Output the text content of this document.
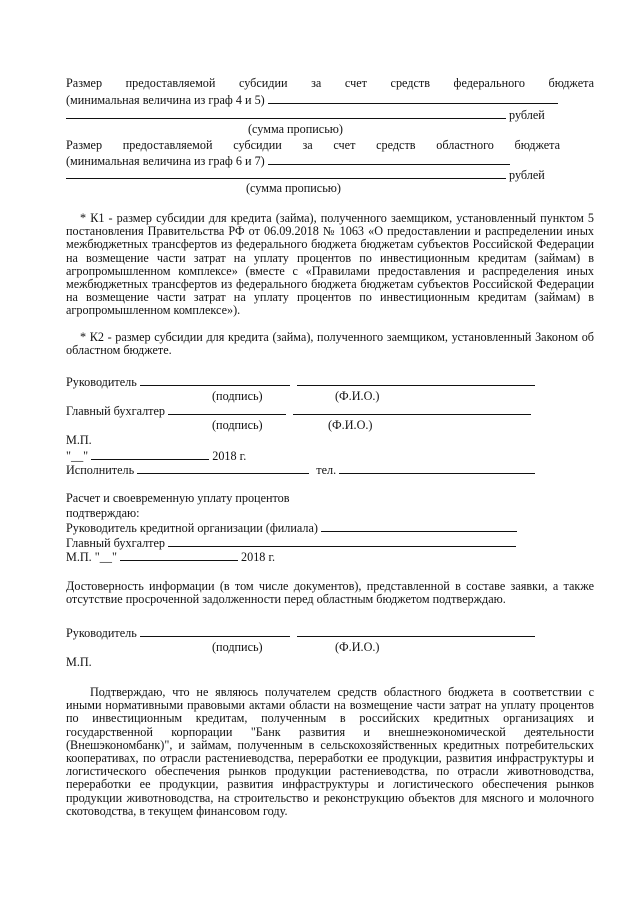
Размер предоставляемой субсидии за счет средств федерального бюджета
(минимальная величина из граф 4 и 5)
рублей
(сумма прописью)
Размер предоставляемой субсидии за счет средств областного бюджета
(минимальная величина из граф 6 и 7)
рублей
(сумма прописью)
* К1 - размер субсидии для кредита (займа), полученного заемщиком, установленный пунктом 5 постановления Правительства РФ от 06.09.2018 № 1063 «О предоставлении и распределении иных межбюджетных трансфертов из федерального бюджета бюджетам субъектов Российской Федерации на возмещение части затрат на уплату процентов по инвестиционным кредитам (займам) в агропромышленном комплексе» (вместе с «Правилами предоставления и распределения иных межбюджетных трансфертов из федерального бюджета бюджетам субъектов Российской Федерации на возмещение части затрат на уплату процентов по инвестиционным кредитам (займам) в агропромышленном комплексе»).
* К2 - размер субсидии для кредита (займа), полученного заемщиком, установленный Законом об областном бюджете.
Руководитель
(подпись)	(Ф.И.О.)
Главный бухгалтер
(подпись)	(Ф.И.О.)
М.П.
"__"	2018 г.
Исполнитель	тел.
Расчет и своевременную уплату процентов
подтверждаю:
Руководитель кредитной организации (филиала)
Главный бухгалтер
М.П. "__"	2018 г.
Достоверность информации (в том числе документов), представленной в составе заявки, а также отсутствие просроченной задолженности перед областным бюджетом подтверждаю.
Руководитель
(подпись)	(Ф.И.О.)
М.П.
Подтверждаю, что не являюсь получателем средств областного бюджета в соответствии с иными нормативными правовыми актами области на возмещение части затрат на уплату процентов по инвестиционным кредитам, полученным в российских кредитных организациях и государственной корпорации "Банк развития и внешнеэкономической деятельности (Внешэкономбанк)", и займам, полученным в сельскохозяйственных кредитных потребительских кооперативах, по отрасли растениеводства, переработки ее продукции, развития инфраструктуры и логистического обеспечения рынков продукции растениеводства, по отрасли животноводства, переработки ее продукции, развития инфраструктуры и логистического обеспечения рынков продукции животноводства, на строительство и реконструкцию объектов для мясного и молочного скотоводства, в текущем финансовом году.
